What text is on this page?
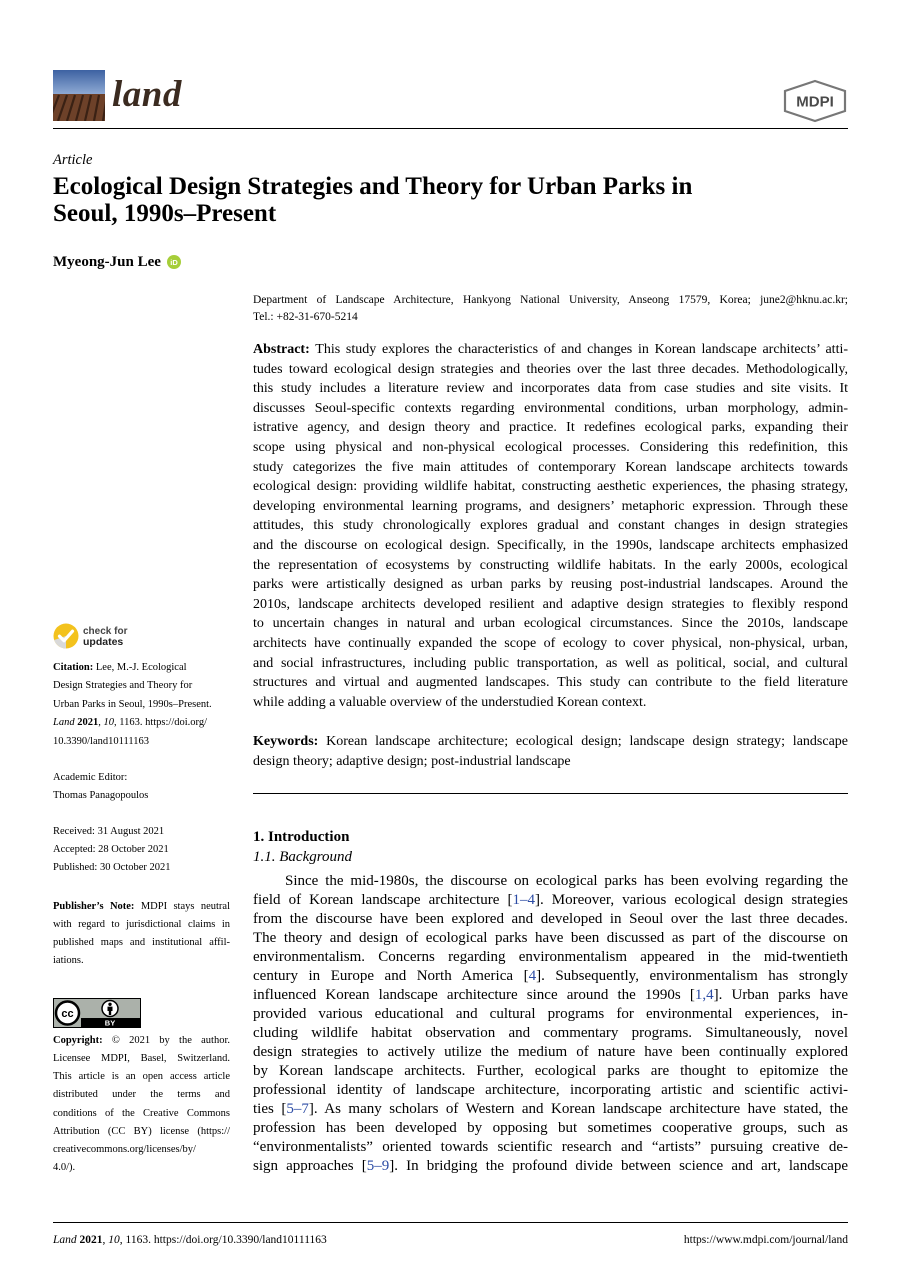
land	MDPI
Article
Ecological Design Strategies and Theory for Urban Parks in
Seoul, 1990s–Present
Myeong-Jun Lee iD
Department of Landscape Architecture, Hankyong National University, Anseong 17579, Korea; june2@hknu.ac.kr;
Tel.: +82-31-670-5214
Abstract: This study explores the characteristics of and changes in Korean landscape architects’ atti-
tudes toward ecological design strategies and theories over the last three decades. Methodologically,
this study includes a literature review and incorporates data from case studies and site visits. It
discusses Seoul-specific contexts regarding environmental conditions, urban morphology, admin-
istrative agency, and design theory and practice. It redefines ecological parks, expanding their
scope using physical and non-physical ecological processes. Considering this redefinition, this
study categorizes the five main attitudes of contemporary Korean landscape architects towards
ecological design: providing wildlife habitat, constructing aesthetic experiences, the phasing strategy,
developing environmental learning programs, and designers’ metaphoric expression. Through these
attitudes, this study chronologically explores gradual and constant changes in design strategies
and the discourse on ecological design. Specifically, in the 1990s, landscape architects emphasized
the representation of ecosystems by constructing wildlife habitats. In the early 2000s, ecological
parks were artistically designed as urban parks by reusing post-industrial landscapes. Around the
2010s, landscape architects developed resilient and adaptive design strategies to flexibly respond
to uncertain changes in natural and urban ecological circumstances. Since the 2010s, landscape
architects have continually expanded the scope of ecology to cover physical, non-physical, urban,
and social infrastructures, including public transportation, as well as political, social, and cultural
structures and virtual and augmented landscapes. This study can contribute to the field literature
while adding a valuable overview of the understudied Korean context.
Keywords: Korean landscape architecture; ecological design; landscape design strategy; landscape
design theory; adaptive design; post-industrial landscape
1. Introduction
1.1. Background
Since the mid-1980s, the discourse on ecological parks has been evolving regarding the
field of Korean landscape architecture [1–4]. Moreover, various ecological design strategies
from the discourse have been explored and developed in Seoul over the last three decades.
The theory and design of ecological parks have been discussed as part of the discourse on
environmentalism. Concerns regarding environmentalism appeared in the mid-twentieth
century in Europe and North America [4]. Subsequently, environmentalism has strongly
influenced Korean landscape architecture since around the 1990s [1,4]. Urban parks have
provided various educational and cultural programs for environmental experiences, in-
cluding wildlife habitat observation and commentary programs. Simultaneously, novel
design strategies to actively utilize the medium of nature have been continually explored
by Korean landscape architects. Further, ecological parks are thought to epitomize the
professional identity of landscape architecture, incorporating artistic and scientific activi-
ties [5–7]. As many scholars of Western and Korean landscape architecture have stated, the
profession has been developed by opposing but sometimes cooperative groups, such as
“environmentalists” oriented towards scientific research and “artists” pursuing creative de-
sign approaches [5–9]. In bridging the profound divide between science and art, landscape
check for
updates
Citation: Lee, M.-J. Ecological
Design Strategies and Theory for
Urban Parks in Seoul, 1990s–Present.
Land 2021, 10, 1163. https://doi.org/
10.3390/land10111163
Academic Editor:
Thomas Panagopoulos
Received: 31 August 2021
Accepted: 28 October 2021
Published: 30 October 2021
Publisher’s Note: MDPI stays neutral
with regard to jurisdictional claims in
published maps and institutional affil-
iations.
cc
BY
Copyright: © 2021 by the author.
Licensee MDPI, Basel, Switzerland.
This article is an open access article
distributed under the terms and
conditions of the Creative Commons
Attribution (CC BY) license (https://
creativecommons.org/licenses/by/
4.0/).
Land 2021, 10, 1163. https://doi.org/10.3390/land10111163	https://www.mdpi.com/journal/land
